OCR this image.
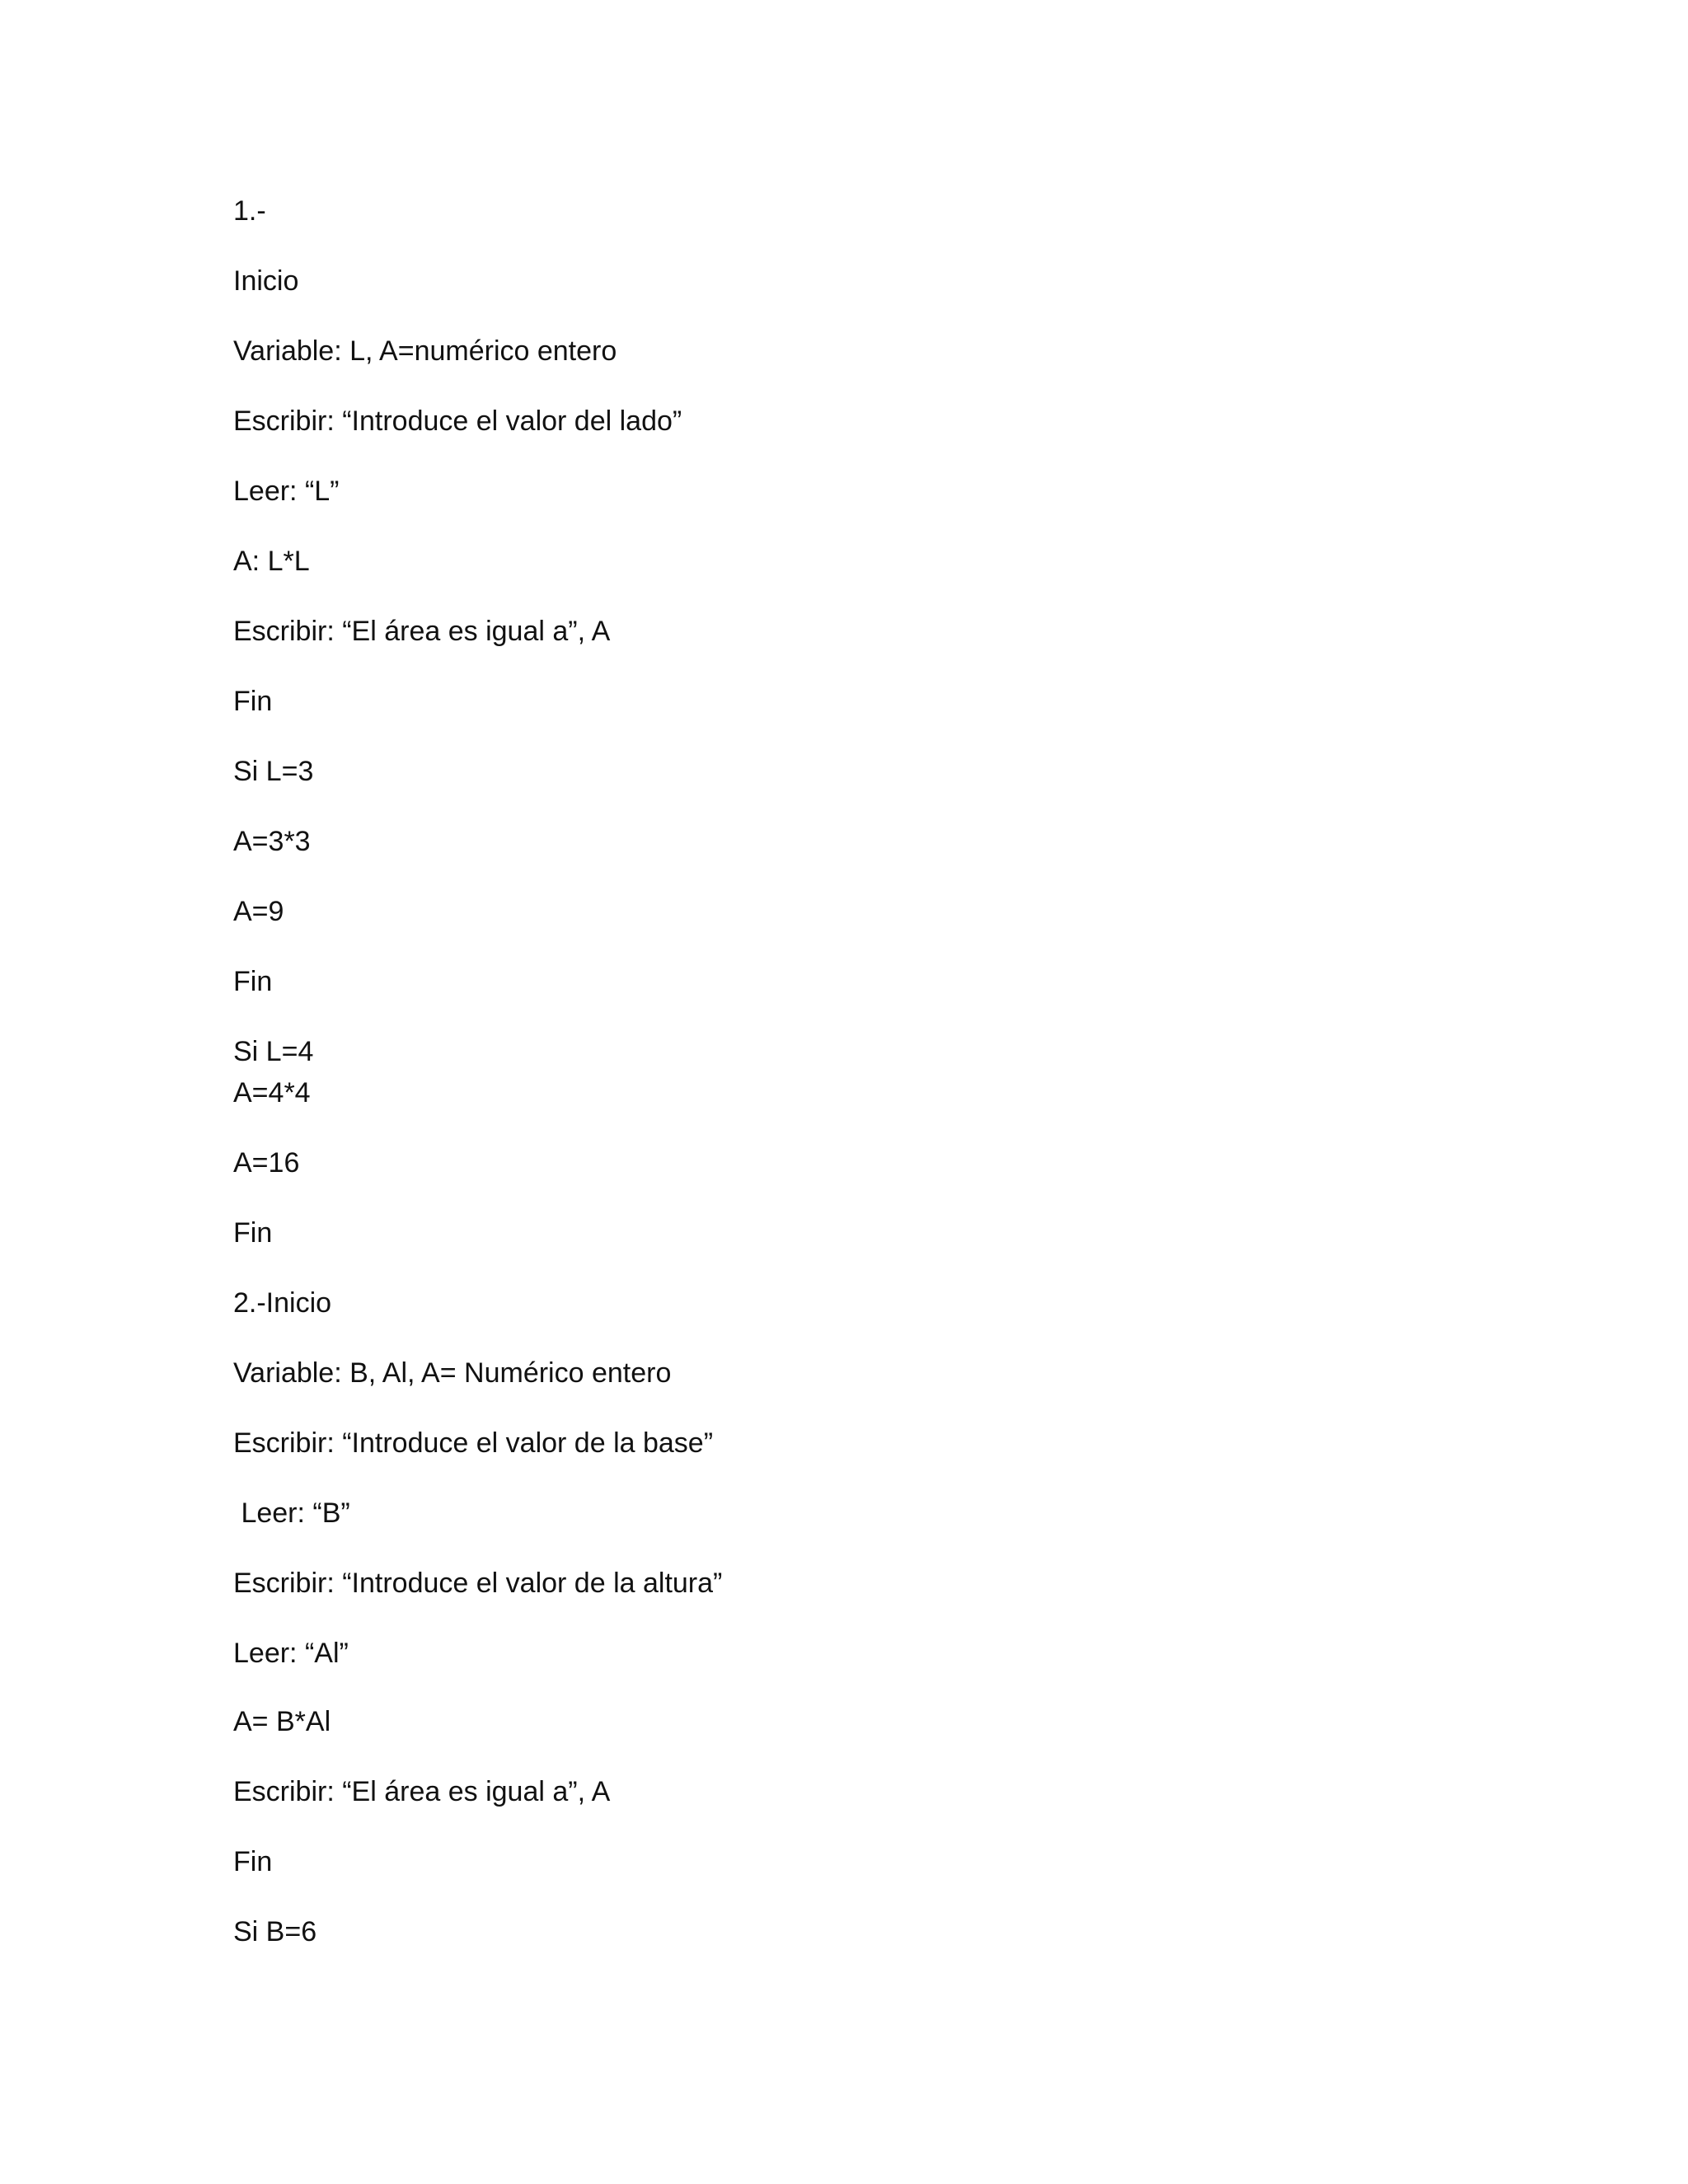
1.-

Inicio

Variable: L, A=numérico entero

Escribir: “Introduce el valor del lado”

Leer: “L”

A: L*L

Escribir: “El área es igual a”, A

Fin

Si L=3

A=3*3

A=9

Fin

Si L=4

A=4*4

A=16

Fin

2.-Inicio

Variable: B, Al, A= Numérico entero

Escribir: “Introduce el valor de la base”

Leer: “B”

Escribir: “Introduce el valor de la altura”

Leer: “Al”

A= B*Al

Escribir: “El área es igual a”, A

Fin

Si B=6
